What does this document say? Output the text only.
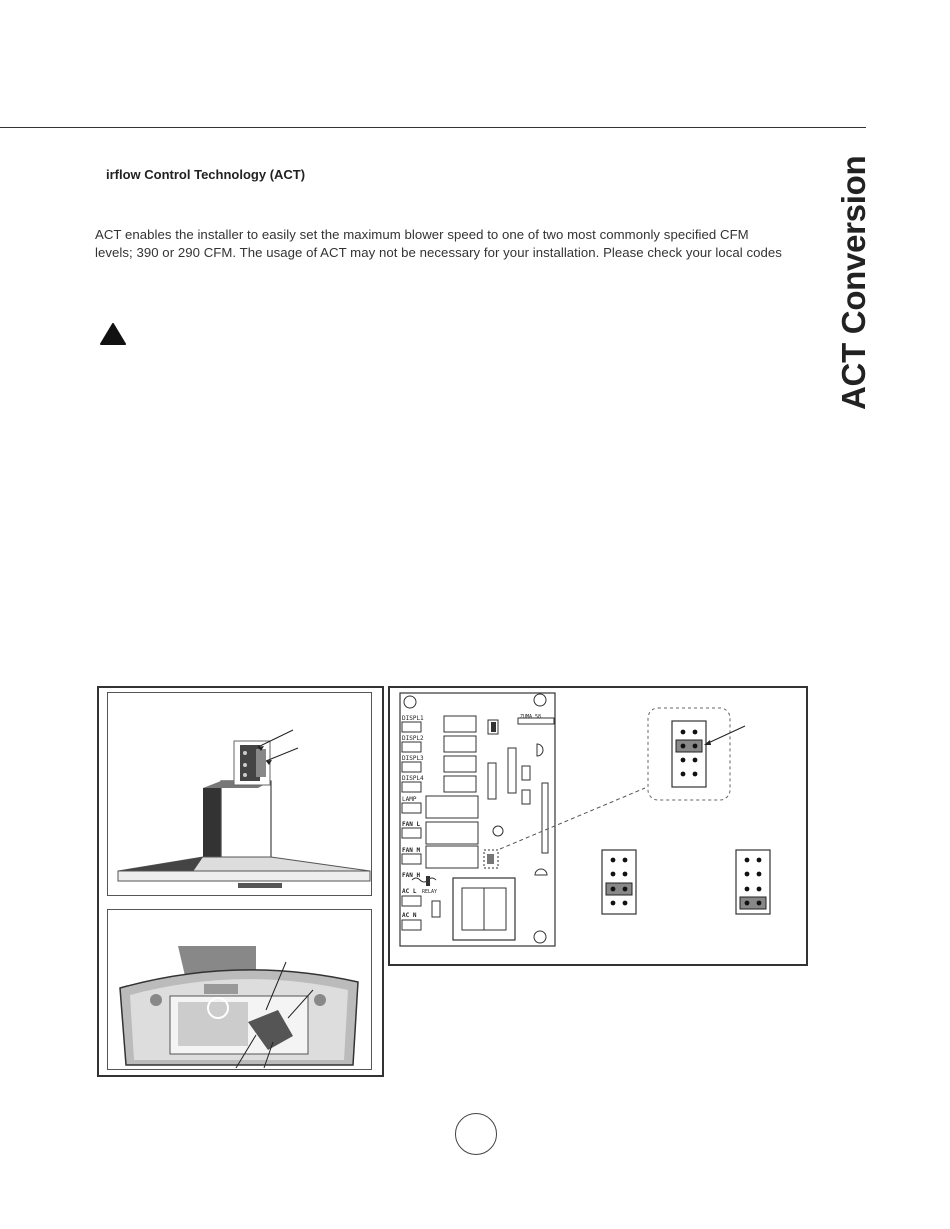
ACT Conversion
irflow Control Technology (ACT)
ACT enables the installer to easily set the maximum blower speed to one of two most commonly specified CFM
levels; 390 or 290 CFM. The usage of ACT may not be necessary for your installation. Please check your local codes
DISPL1
DISPL2
DISPL3
DISPL4
LAMP
FAN L
FAN M
FAN H
AC L
AC N
RELAY
ZUMA 58
